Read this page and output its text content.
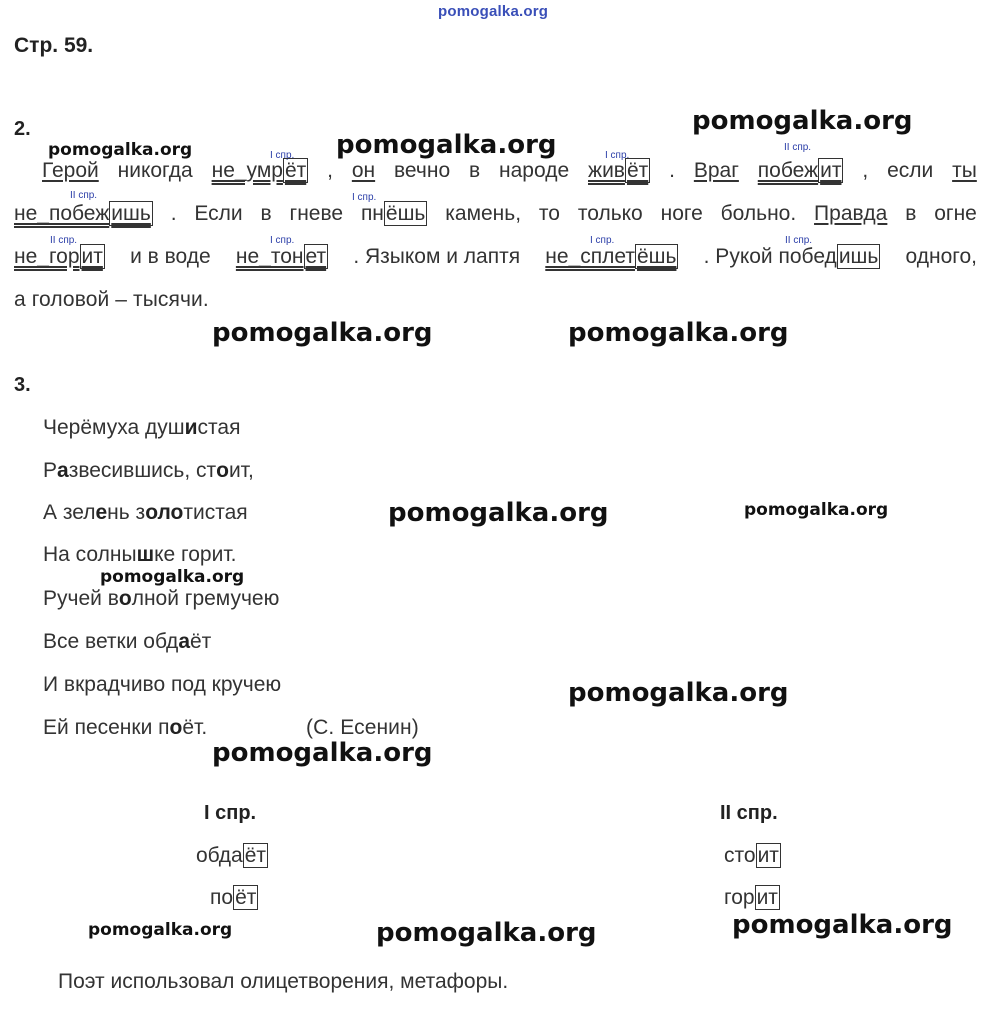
pomogalka.org
Стр. 59.
pomogalka.org
pomogalka.org	pomogalka.org
pomogalka.org	pomogalka.org
pomogalka.org	pomogalka.org
pomogalka.org
pomogalka.org
pomogalka.org
pomogalka.org	pomogalka.org	pomogalka.org
2.
I спр.	I спр.
II спр.
II спр.	I спр.
II спр.	I спр.	I спр.	II спр.
Герой никогда не_умрёт , он вечно в народе живёт . Враг побежит , если ты
не_побежишь . Если в гневе пнёшь камень, то только ноге больно. Правда в огне
не_горит и в воде не_тонет . Языком и лаптя не_сплетёшь . Рукой победишь одного,
а головой – тысячи.
3.
Черёмуха душистая
Развесившись, стоит,
А зелень золотистая
На солнышке горит.
Ручей волной гремучею
Все ветки обдаёт
И вкрадчиво под кручею
Ей песенки поёт.	(С. Есенин)
I спр.
обдаёт
поёт
II спр.
стоит
горит
Поэт использовал олицетворения, метафоры.
